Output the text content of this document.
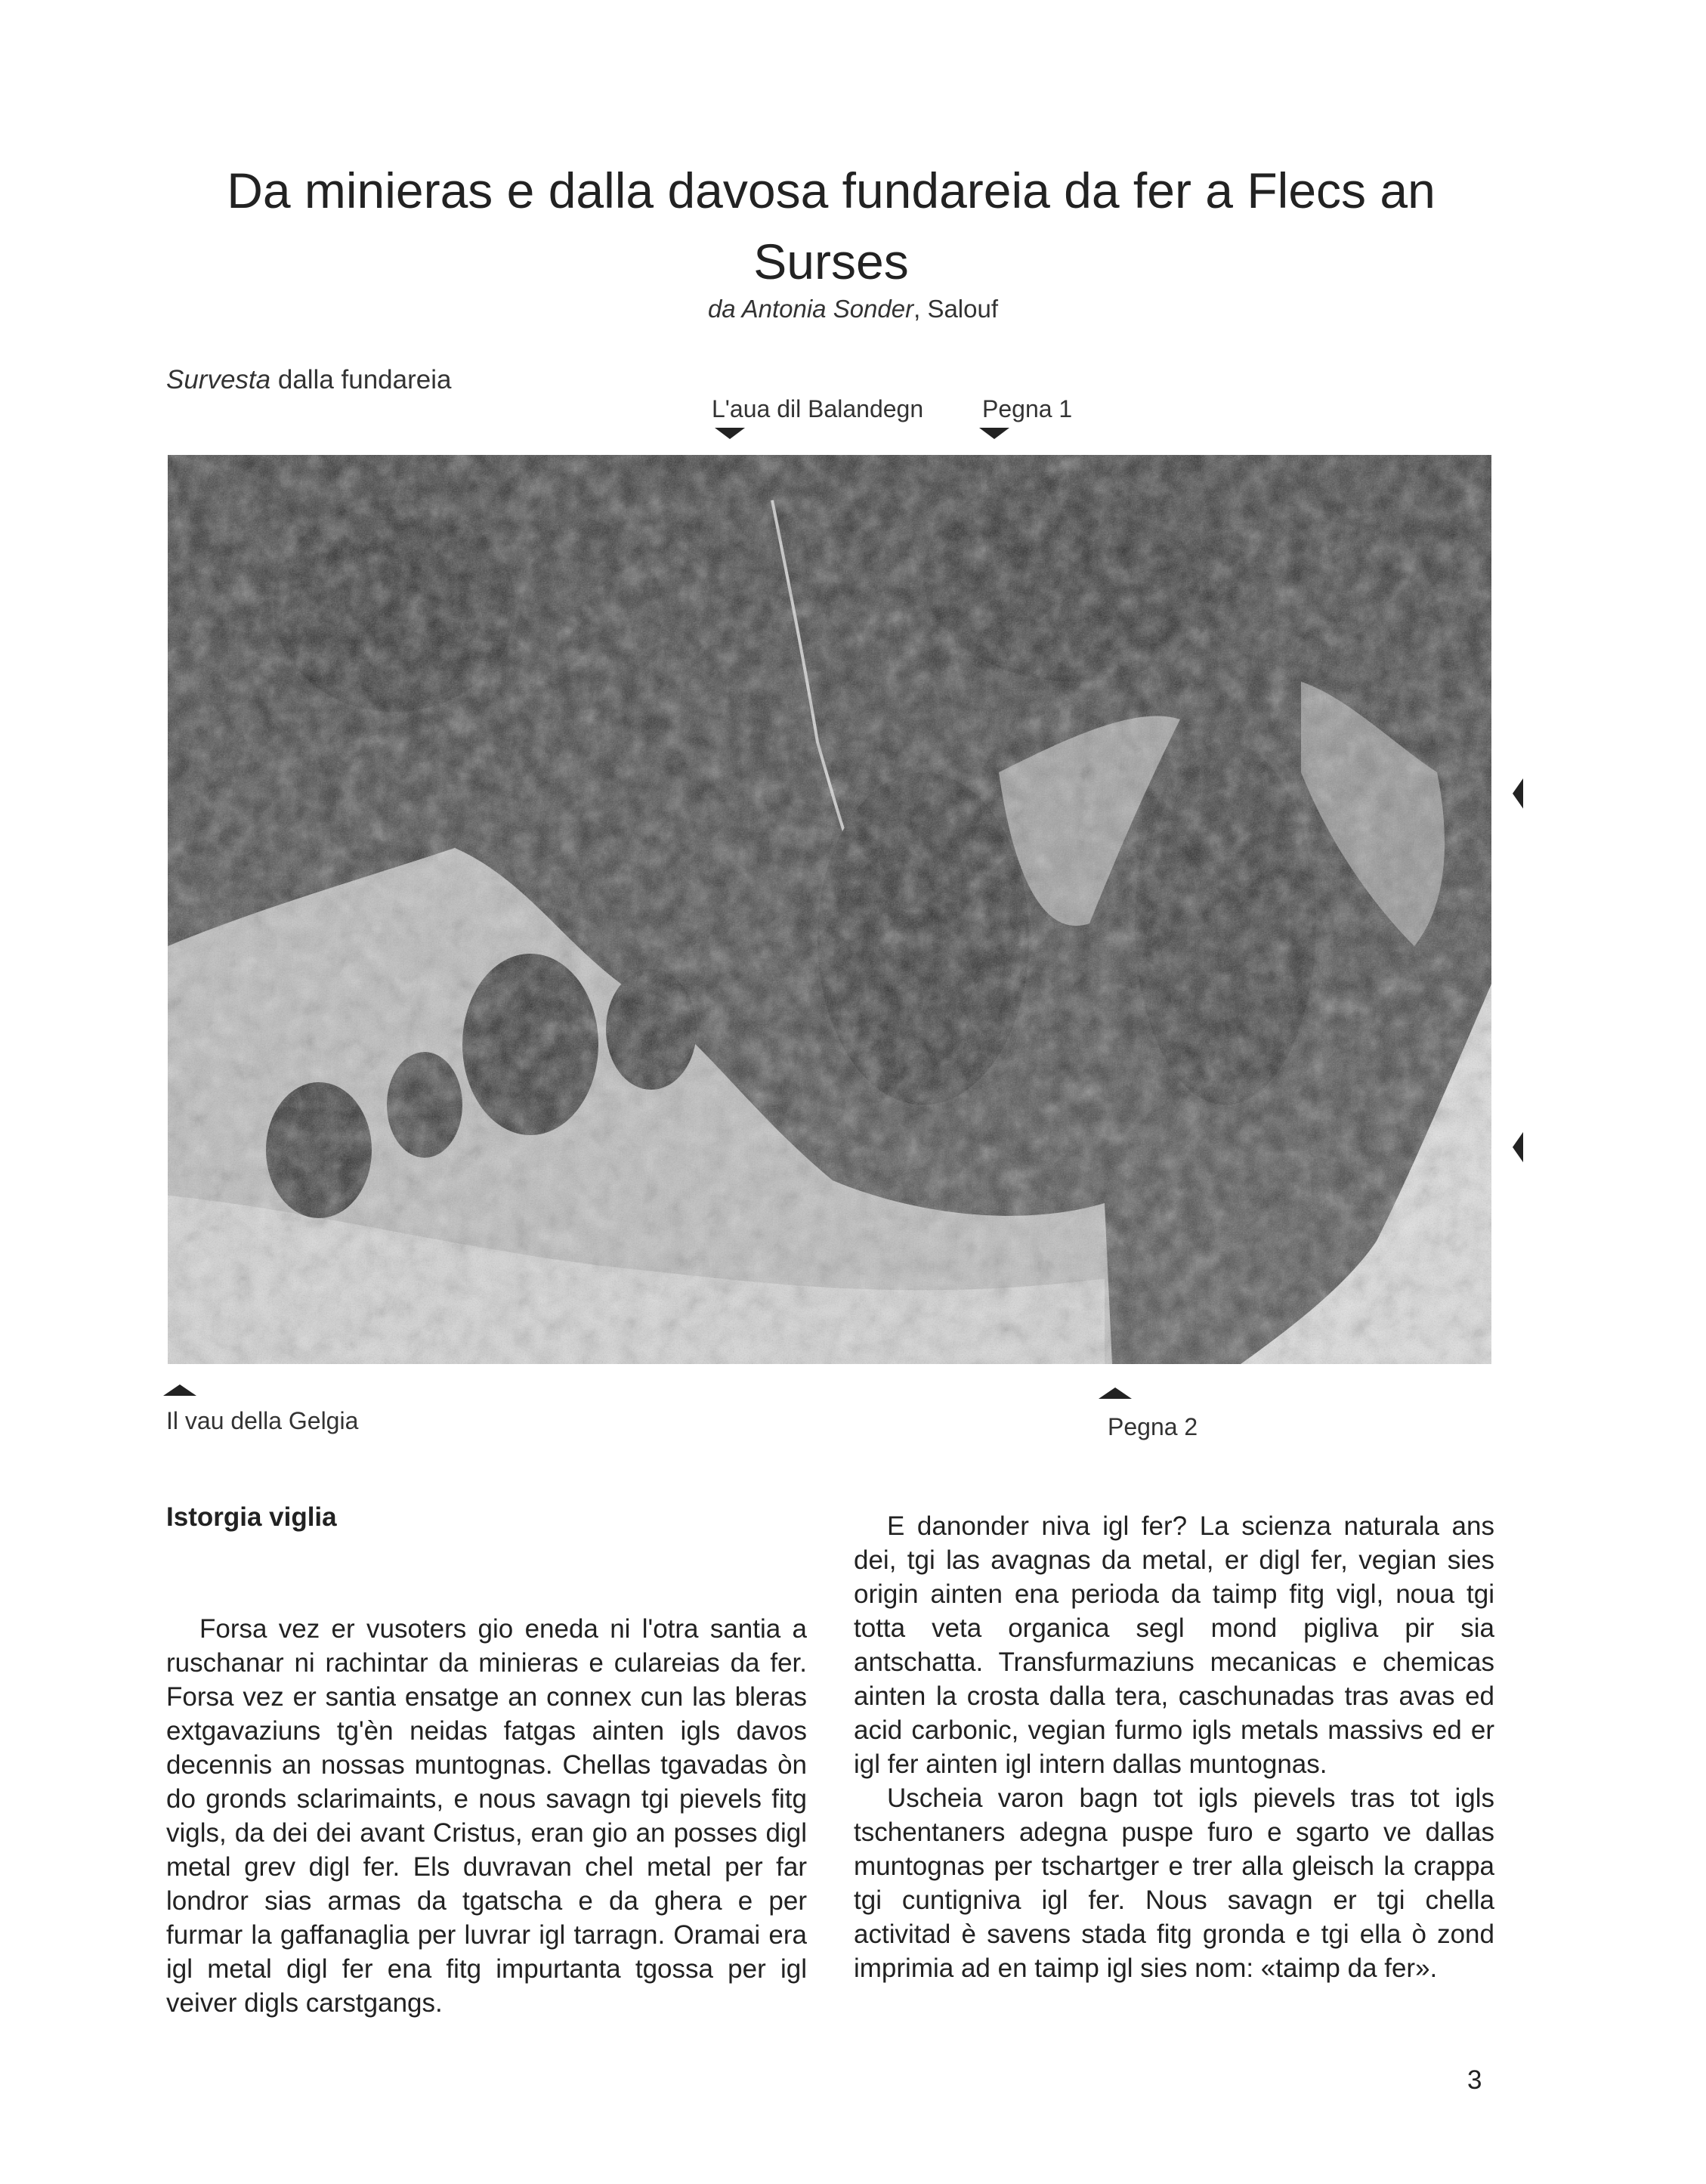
Da minieras e dalla davosa fundareia da fer a Flecs an Surses
da Antonia Sonder, Salouf
Survesta dalla fundareia
L'aua dil Balandegn Pegna 1
Il vau della Gelgia	Pegna 2
Istorgia viglia

Forsa vez er vusoters gio eneda ni l'otra santia a ruschanar ni rachintar da minieras e culareias da fer. Forsa vez er santia ensatge an connex cun las bleras extgavaziuns tg'èn neidas fatgas ainten igls davos decennis an nossas muntognas. Chellas tgavadas òn do gronds sclarimaints, e nous savagn tgi pievels fitg vigls, da dei dei avant Cristus, eran gio an posses digl metal grev digl fer. Els duvravan chel metal per far londror sias armas da tgatscha e da ghera e per furmar la gaffanaglia per luvrar igl tarragn. Oramai era igl metal digl fer ena fitg impurtanta tgossa per igl veiver digls carstgangs.

E danonder niva igl fer? La scienza naturala ans dei, tgi las avagnas da metal, er digl fer, vegian sies origin ainten ena perioda da taimp fitg vigl, noua tgi totta veta organica segl mond pigliva pir sia antschatta. Transfurmaziuns mecanicas e chemicas ainten la crosta dalla tera, caschunadas tras avas ed acid carbonic, vegian furmo igls metals massivs ed er igl fer ainten igl intern dallas muntognas.

Uscheia varon bagn tot igls pievels tras tot igls tschentaners adegna puspe furo e sgarto ve dallas muntognas per tschartger e trer alla gleisch la crappa tgi cuntigniva igl fer. Nous savagn er tgi chella activitad è savens stada fitg gronda e tgi ella ò zond imprimia ad en taimp igl sies nom: «taimp da fer».

3
